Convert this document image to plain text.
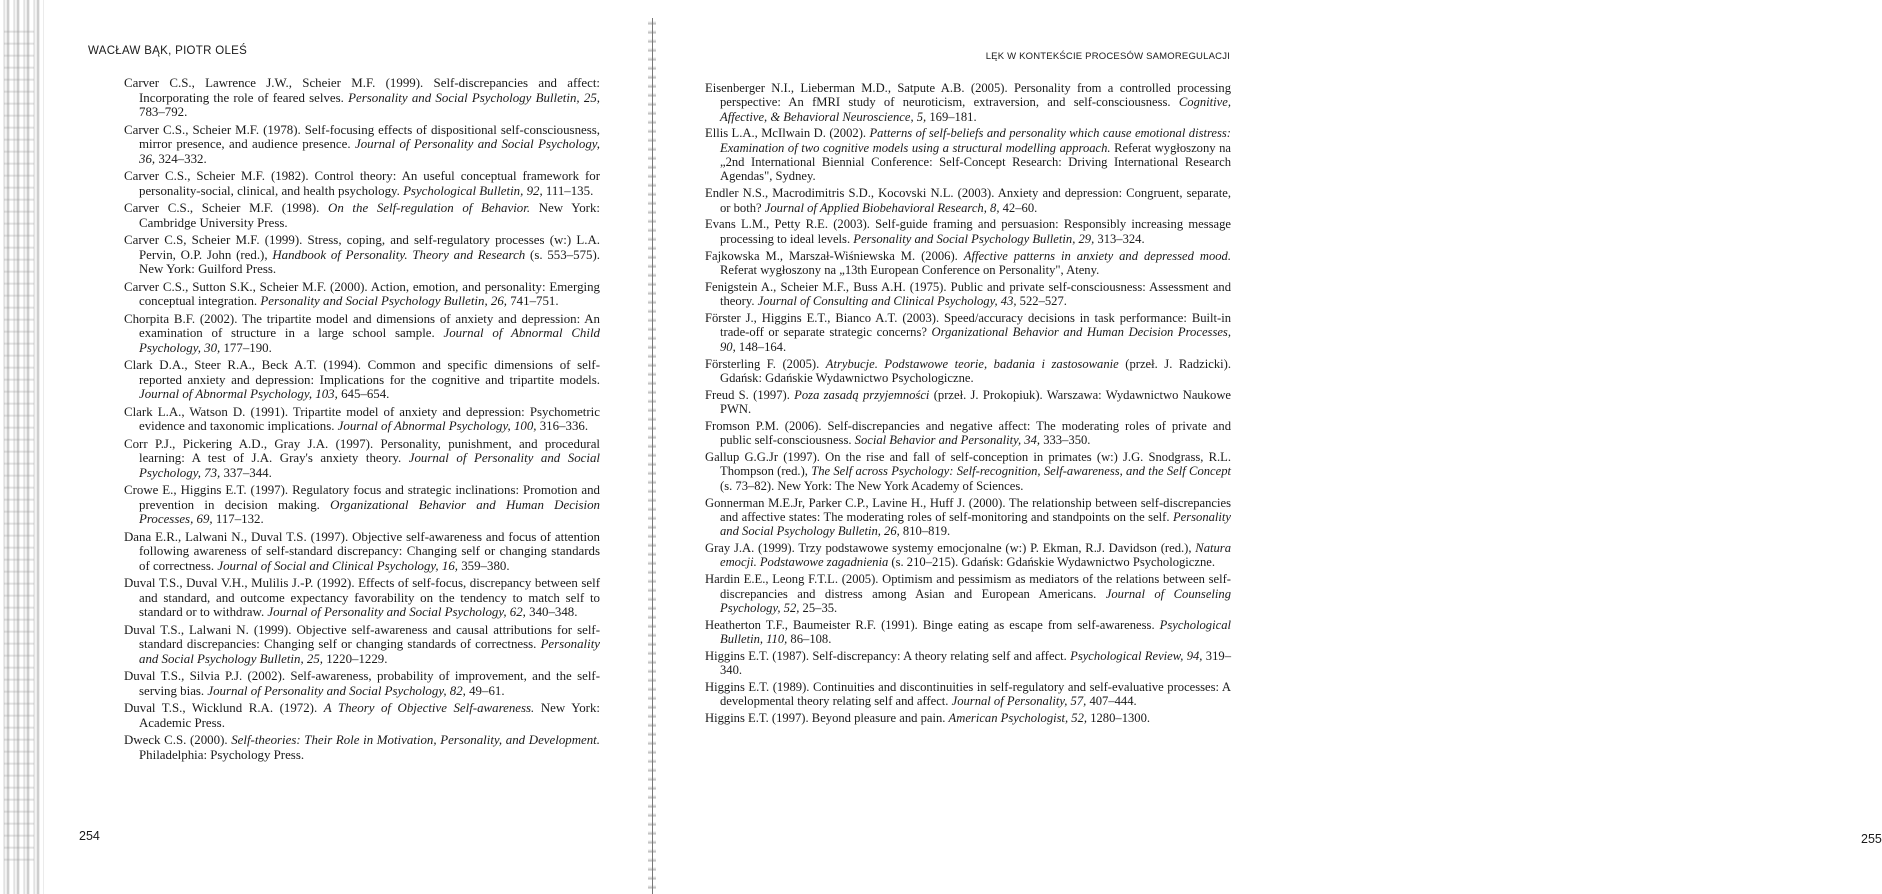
WACŁAW BĄK, PIOTR OLEŚ
Carver C.S., Lawrence J.W., Scheier M.F. (1999). Self-discrepancies and affect: Incorporating the role of feared selves. Personality and Social Psychology Bulletin, 25, 783–792.
Carver C.S., Scheier M.F. (1978). Self-focusing effects of dispositional self-consciousness, mirror presence, and audience presence. Journal of Personality and Social Psychology, 36, 324–332.
Carver C.S., Scheier M.F. (1982). Control theory: An useful conceptual framework for personality-social, clinical, and health psychology. Psychological Bulletin, 92, 111–135.
Carver C.S., Scheier M.F. (1998). On the Self-regulation of Behavior. New York: Cambridge University Press.
Carver C.S, Scheier M.F. (1999). Stress, coping, and self-regulatory processes (w:) L.A. Pervin, O.P. John (red.), Handbook of Personality. Theory and Research (s. 553–575). New York: Guilford Press.
Carver C.S., Sutton S.K., Scheier M.F. (2000). Action, emotion, and personality: Emerging conceptual integration. Personality and Social Psychology Bulletin, 26, 741–751.
Chorpita B.F. (2002). The tripartite model and dimensions of anxiety and depression: An examination of structure in a large school sample. Journal of Abnormal Child Psychology, 30, 177–190.
Clark D.A., Steer R.A., Beck A.T. (1994). Common and specific dimensions of self-reported anxiety and depression: Implications for the cognitive and tripartite models. Journal of Abnormal Psychology, 103, 645–654.
Clark L.A., Watson D. (1991). Tripartite model of anxiety and depression: Psychometric evidence and taxonomic implications. Journal of Abnormal Psychology, 100, 316–336.
Corr P.J., Pickering A.D., Gray J.A. (1997). Personality, punishment, and procedural learning: A test of J.A. Gray's anxiety theory. Journal of Personality and Social Psychology, 73, 337–344.
Crowe E., Higgins E.T. (1997). Regulatory focus and strategic inclinations: Promotion and prevention in decision making. Organizational Behavior and Human Decision Processes, 69, 117–132.
Dana E.R., Lalwani N., Duval T.S. (1997). Objective self-awareness and focus of attention following awareness of self-standard discrepancy: Changing self or changing standards of correctness. Journal of Social and Clinical Psychology, 16, 359–380.
Duval T.S., Duval V.H., Mulilis J.-P. (1992). Effects of self-focus, discrepancy between self and standard, and outcome expectancy favorability on the tendency to match self to standard or to withdraw. Journal of Personality and Social Psychology, 62, 340–348.
Duval T.S., Lalwani N. (1999). Objective self-awareness and causal attributions for self-standard discrepancies: Changing self or changing standards of correctness. Personality and Social Psychology Bulletin, 25, 1220–1229.
Duval T.S., Silvia P.J. (2002). Self-awareness, probability of improvement, and the self-serving bias. Journal of Personality and Social Psychology, 82, 49–61.
Duval T.S., Wicklund R.A. (1972). A Theory of Objective Self-awareness. New York: Academic Press.
Dweck C.S. (2000). Self-theories: Their Role in Motivation, Personality, and Development. Philadelphia: Psychology Press.
254
LĘK W KONTEKŚCIE PROCESÓW SAMOREGULACJI
Eisenberger N.I., Lieberman M.D., Satpute A.B. (2005). Personality from a controlled processing perspective: An fMRI study of neuroticism, extraversion, and self-consciousness. Cognitive, Affective, & Behavioral Neuroscience, 5, 169–181.
Ellis L.A., McIlwain D. (2002). Patterns of self-beliefs and personality which cause emotional distress: Examination of two cognitive models using a structural modelling approach. Referat wygłoszony na „2nd International Biennial Conference: Self-Concept Research: Driving International Research Agendas", Sydney.
Endler N.S., Macrodimitris S.D., Kocovski N.L. (2003). Anxiety and depression: Congruent, separate, or both? Journal of Applied Biobehavioral Research, 8, 42–60.
Evans L.M., Petty R.E. (2003). Self-guide framing and persuasion: Responsibly increasing message processing to ideal levels. Personality and Social Psychology Bulletin, 29, 313–324.
Fajkowska M., Marszał-Wiśniewska M. (2006). Affective patterns in anxiety and depressed mood. Referat wygłoszony na „13th European Conference on Personality", Ateny.
Fenigstein A., Scheier M.F., Buss A.H. (1975). Public and private self-consciousness: Assessment and theory. Journal of Consulting and Clinical Psychology, 43, 522–527.
Förster J., Higgins E.T., Bianco A.T. (2003). Speed/accuracy decisions in task performance: Built-in trade-off or separate strategic concerns? Organizational Behavior and Human Decision Processes, 90, 148–164.
Försterling F. (2005). Atrybucje. Podstawowe teorie, badania i zastosowanie (przeł. J. Radzicki). Gdańsk: Gdańskie Wydawnictwo Psychologiczne.
Freud S. (1997). Poza zasadą przyjemności (przeł. J. Prokopiuk). Warszawa: Wydawnictwo Naukowe PWN.
Fromson P.M. (2006). Self-discrepancies and negative affect: The moderating roles of private and public self-consciousness. Social Behavior and Personality, 34, 333–350.
Gallup G.G.Jr (1997). On the rise and fall of self-conception in primates (w:) J.G. Snodgrass, R.L. Thompson (red.), The Self across Psychology: Self-recognition, Self-awareness, and the Self Concept (s. 73–82). New York: The New York Academy of Sciences.
Gonnerman M.E.Jr, Parker C.P., Lavine H., Huff J. (2000). The relationship between self-discrepancies and affective states: The moderating roles of self-monitoring and standpoints on the self. Personality and Social Psychology Bulletin, 26, 810–819.
Gray J.A. (1999). Trzy podstawowe systemy emocjonalne (w:) P. Ekman, R.J. Davidson (red.), Natura emocji. Podstawowe zagadnienia (s. 210–215). Gdańsk: Gdańskie Wydawnictwo Psychologiczne.
Hardin E.E., Leong F.T.L. (2005). Optimism and pessimism as mediators of the relations between self-discrepancies and distress among Asian and European Americans. Journal of Counseling Psychology, 52, 25–35.
Heatherton T.F., Baumeister R.F. (1991). Binge eating as escape from self-awareness. Psychological Bulletin, 110, 86–108.
Higgins E.T. (1987). Self-discrepancy: A theory relating self and affect. Psychological Review, 94, 319–340.
Higgins E.T. (1989). Continuities and discontinuities in self-regulatory and self-evaluative processes: A developmental theory relating self and affect. Journal of Personality, 57, 407–444.
Higgins E.T. (1997). Beyond pleasure and pain. American Psychologist, 52, 1280–1300.
255
